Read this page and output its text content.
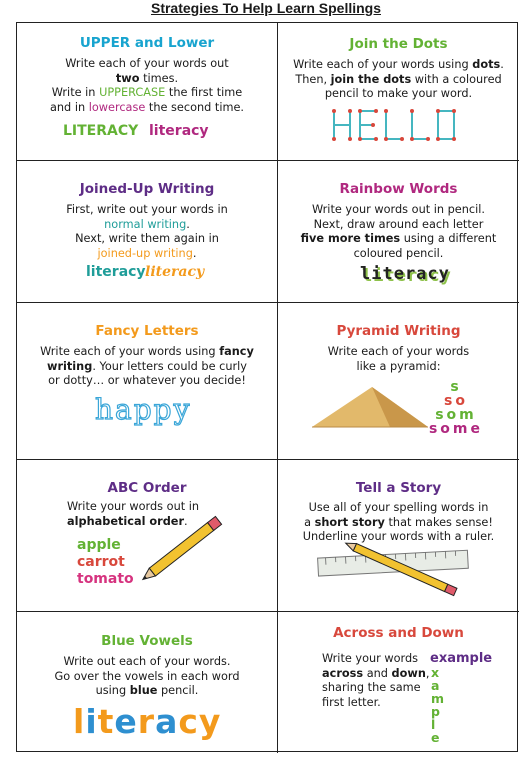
Strategies To Help Learn Spellings
UPPER and Lower
Write each of your words out
two times.
Write in UPPERCASE the first time
and in lowercase the second time.
LITERACY literacy
Join the Dots
Write each of your words using dots.
Then, join the dots with a coloured
pencil to make your word.
Joined-Up Writing
First, write out your words in
normal writing.
Next, write them again in
joined-up writing.
literacy literacy
Rainbow Words
Write your words out in pencil.
Next, draw around each letter
five more times using a different
coloured pencil.
literacy
Fancy Letters
Write each of your words using fancy
writing. Your letters could be curly
or dotty… or whatever you decide!
happy
Pyramid Writing
Write each of your words
like a pyramid:
s
so
som
some
ABC Order
Write your words out in
alphabetical order.
apple
carrot
tomato
Tell a Story
Use all of your spelling words in
a short story that makes sense!
Underline your words with a ruler.
Blue Vowels
Write out each of your words.
Go over the vowels in each word
using blue pencil.
literacy
Across and Down
Write your words
across and down,
sharing the same
first letter.
example
x
a
m
p
l
e
